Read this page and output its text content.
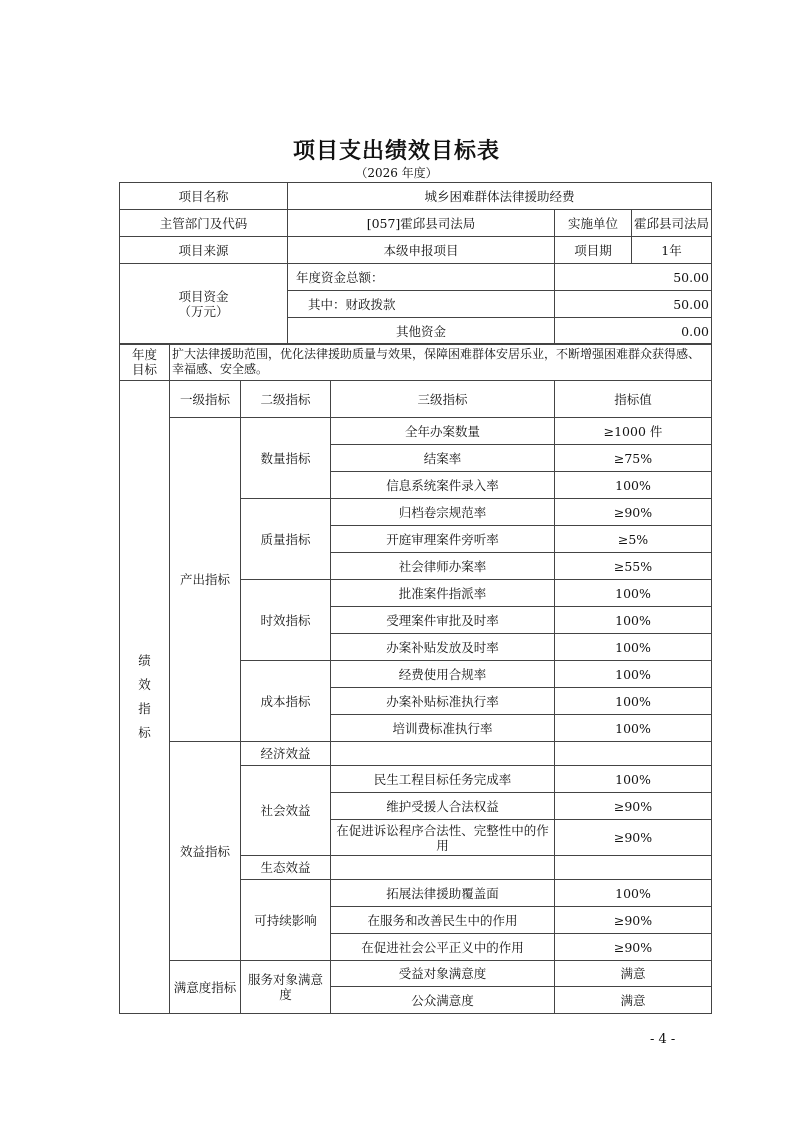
项目支出绩效目标表
（2026 年度）
项目名称	城乡困难群体法律援助经费		
主管部门及代码	[057]霍邱县司法局	实施单位	霍邱县司法局
项目来源	本级申报项目	项目期	1年
项目资金
（万元）	年度资金总额：	50.00	
	其中：财政拨款	50.00	
	其他资金	0.00	
年度
目标	扩大法律援助范围，优化法律援助质量与效果，保障困难群体安居乐业，不断增强困难群众获得感、幸福感、安全感。
绩效指标	一级指标	二级指标	三级指标	指标值
	产出指标	数量指标	全年办案数量	≥1000 件
			结案率	≥75%
			信息系统案件录入率	100%
		质量指标	归档卷宗规范率	≥90%
			开庭审理案件旁听率	≥5%
			社会律师办案率	≥55%
		时效指标	批准案件指派率	100%
			受理案件审批及时率	100%
			办案补贴发放及时率	100%
		成本指标	经费使用合规率	100%
			办案补贴标准执行率	100%
			培训费标准执行率	100%
	效益指标	经济效益		
		社会效益	民生工程目标任务完成率	100%
			维护受援人合法权益	≥90%
			在促进诉讼程序合法性、完整性中的作用	≥90%
		生态效益		
		可持续影响	拓展法律援助覆盖面	100%
			在服务和改善民生中的作用	≥90%
			在促进社会公平正义中的作用	≥90%
	满意度指标	服务对象满意度	受益对象满意度	满意
			公众满意度	满意
- 4 -
